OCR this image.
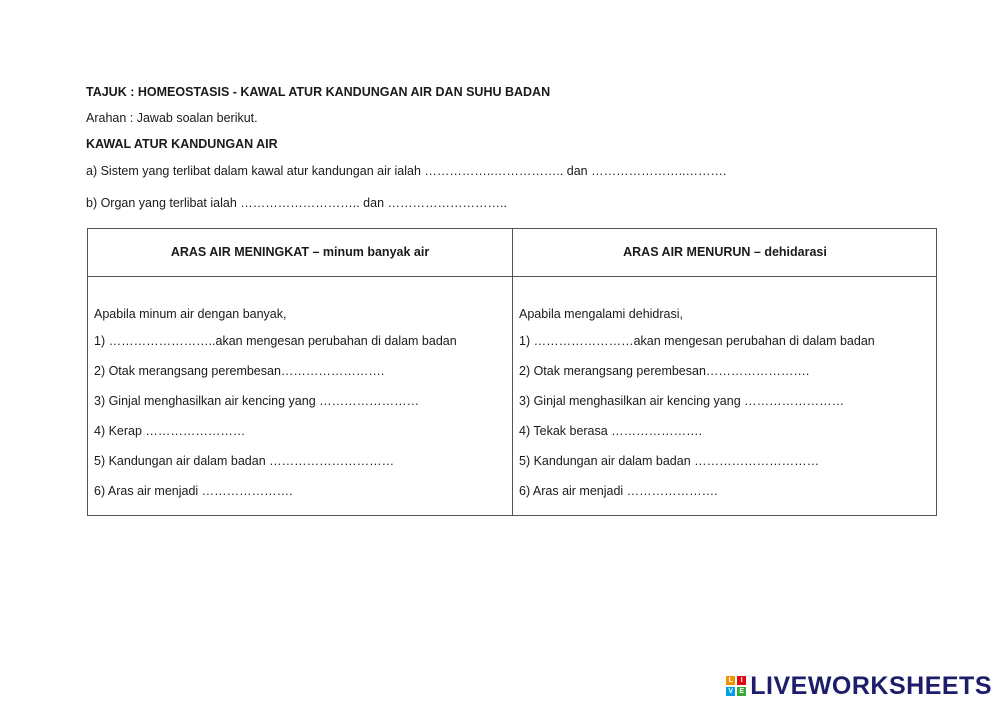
TAJUK : HOMEOSTASIS - KAWAL ATUR KANDUNGAN AIR DAN SUHU BADAN
Arahan : Jawab soalan berikut.
KAWAL ATUR KANDUNGAN AIR
a) Sistem yang terlibat dalam kawal atur kandungan air ialah ……………..…………….. dan …………………..……….
b) Organ yang terlibat ialah ……………………….. dan ………………………..
ARAS AIR MENINGKAT – minum banyak air	ARAS AIR MENURUN – dehidarasi
Apabila minum air dengan banyak,
1) ……………………..akan mengesan perubahan di dalam badan
2) Otak merangsang perembesan…………………….
3) Ginjal menghasilkan air kencing yang ……………………
4) Kerap ……………………
5) Kandungan air dalam badan …………………………
6) Aras air menjadi ………………….
Apabila mengalami dehidrasi,
1) ……………………akan mengesan perubahan di dalam badan
2) Otak merangsang perembesan…………………….
3) Ginjal menghasilkan air kencing yang ……………………
4) Tekak berasa ………………….
5) Kandungan air dalam badan …………………………
6) Aras air menjadi ………………….
L	I
V E LIVEWORKSHEETS
